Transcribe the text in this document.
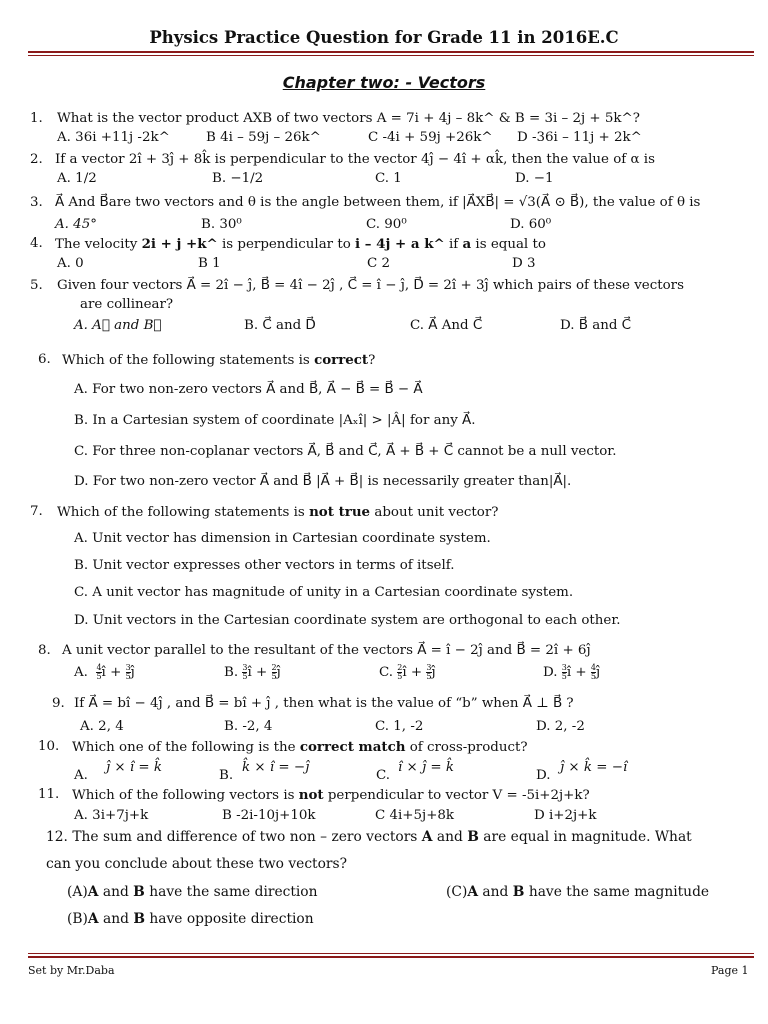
Physics Practice Question for Grade 11 in 2016E.C
Chapter two: - Vectors
1. What is the vector product AXB of two vectors A = 7i + 4j – 8k^ & B = 3i – 2j + 5k^?
A. 36i +11j -2k^	B 4i – 59j – 26k^	C -4i + 59j +26k^ D -36i – 11j + 2k^
2. If a vector 2î + 3ĵ + 8k̂ is perpendicular to the vector 4ĵ − 4î + αk̂, then the value of α is
A. 1/2	B. −1/2	C. 1	D. −1
3. A⃗ And B⃗are two vectors and θ is the angle between them, if |A⃗XB⃗| = √3(A⃗ ⊙ B⃗), the value of θ is
A. 45°	B. 30⁰	C. 90⁰	D. 60⁰
4. The velocity 2i + j +k^ is perpendicular to i – 4j + a k^ if a is equal to
A. 0	B 1	C 2	D 3
5. Given four vectors A⃗ = 2î − ĵ, B⃗ = 4î − 2ĵ , C⃗ = î − ĵ, D⃗ = 2î + 3ĵ which pairs of these vectors
are collinear?
A. A⃗ and B⃗	B. C⃗ and D⃗	C. A⃗ And C⃗	D. B⃗ and C⃗
6. Which of the following statements is correct?
A. For two non-zero vectors A⃗ and B⃗, A⃗ − B⃗ = B⃗ − A⃗
B. In a Cartesian system of coordinate |Aₓî| > |Â| for any A⃗.
C. For three non-coplanar vectors A⃗, B⃗ and C⃗, A⃗ + B⃗ + C⃗ cannot be a null vector.
D. For two non-zero vector A⃗ and B⃗ |A⃗ + B⃗| is necessarily greater than|A⃗|.
7. Which of the following statements is not true about unit vector?
A. Unit vector has dimension in Cartesian coordinate system.
B. Unit vector expresses other vectors in terms of itself.
C. A unit vector has magnitude of unity in a Cartesian coordinate system.
D. Unit vectors in the Cartesian coordinate system are orthogonal to each other.
8. A unit vector parallel to the resultant of the vectors A⃗ = î − 2ĵ and B⃗ = 2î + 6ĵ
A. $\frac{4}{5}$ î + $\frac{3}{5}$ ĵ	B. $\frac{3}{5}$ î + $\frac{2}{5}$ ĵ	C. $\frac{2}{5}$ î + $\frac{3}{5}$ ĵ	D. $\frac{3}{5}$ î + $\frac{4}{5}$ ĵ
9. If A⃗ = bî − 4ĵ , and B⃗ = bî + ĵ , then what is the value of “b” when A⃗ ⊥ B⃗ ?
A. 2, 4	B. -2, 4	C. 1, -2	D. 2, -2
10. Which one of the following is the correct match of cross-product?
A.
ĵ × î = k̂
B.
k̂ × î = −ĵ
C.
î × ĵ = k̂
D.
ĵ × k̂ = −î
11. Which of the following vectors is not perpendicular to vector V = -5i+2j+k?
A. 3i+7j+k	B -2i-10j+10k	C 4i+5j+8k	D i+2j+k
12. The sum and difference of two non – zero vectors A and B are equal in magnitude. What
can you conclude about these two vectors?
(A)A and B have the same direction	(C)A and B have the same magnitude
(B)A and B have opposite direction
Set by Mr.Daba	Page 1
